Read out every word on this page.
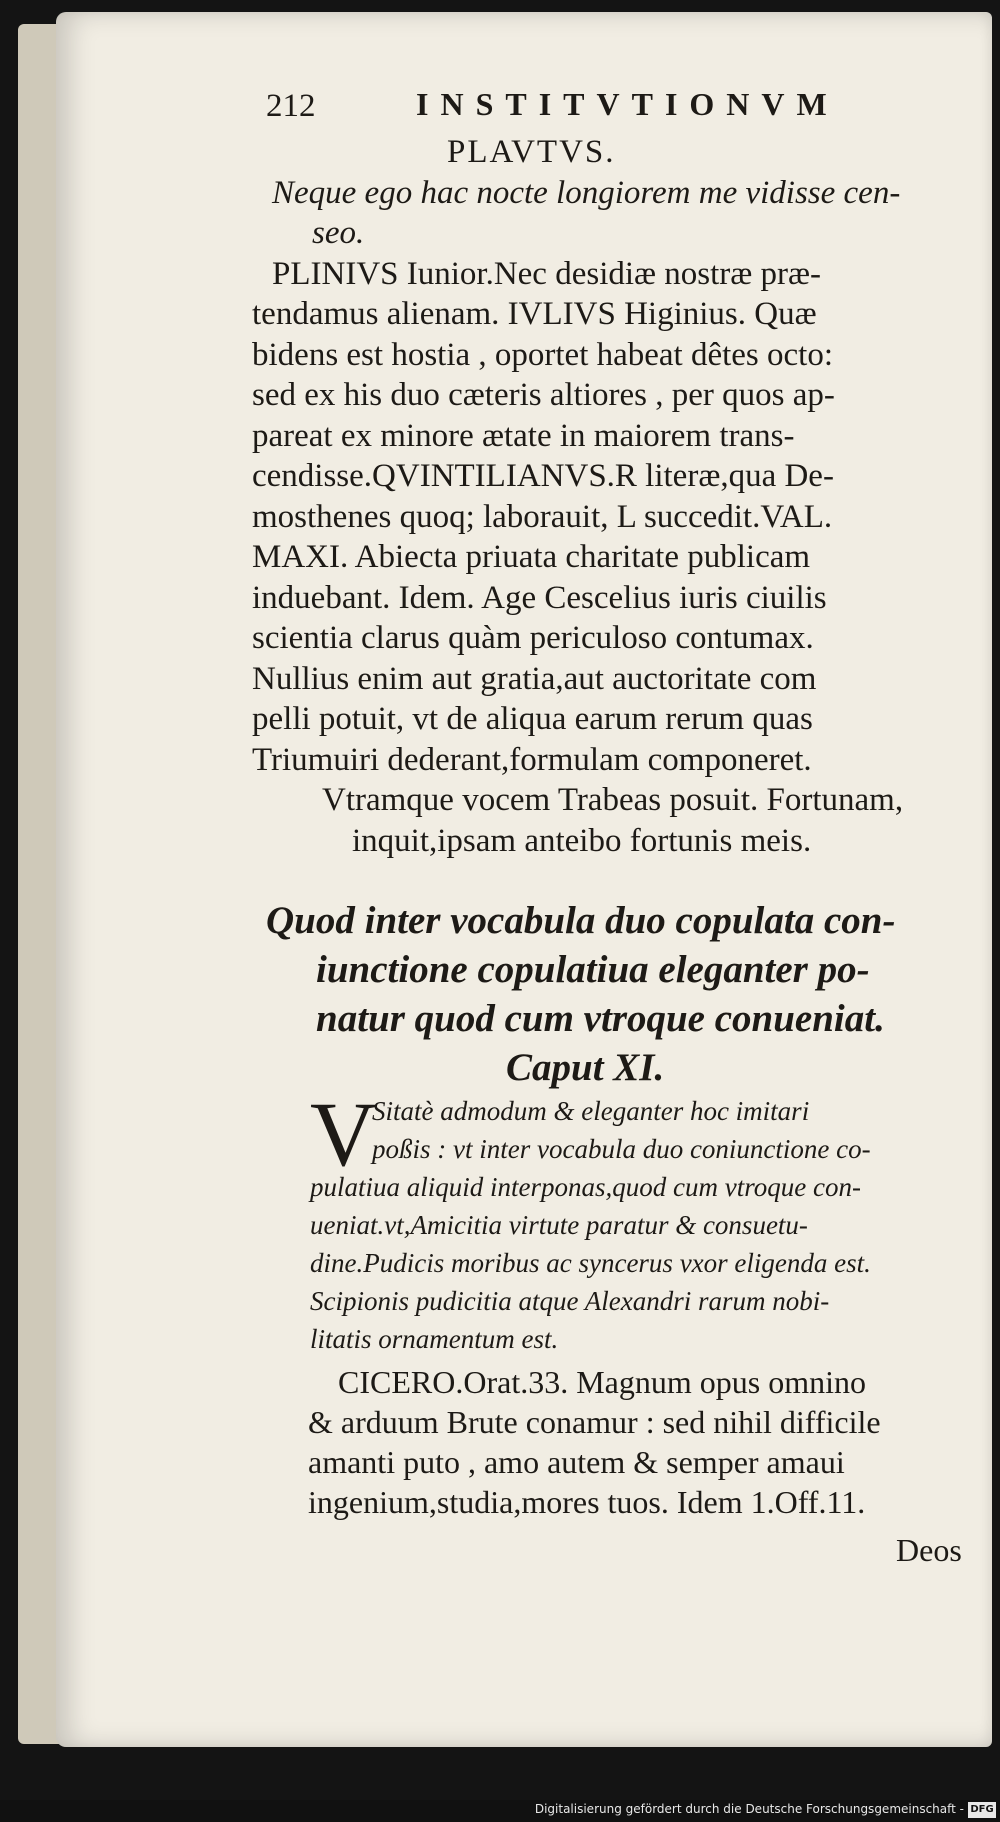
212	INSTITVTIONVM
PLAVTVS.
Neque ego hac nocte longiorem me vidisse cen-
seo.
PLINIVS Iunior.Nec desidiæ nostræ præ-
tendamus alienam. IVLIVS Higinius. Quæ
bidens est hostia , oportet habeat dêtes octo:
sed ex his duo cæteris altiores , per quos ap-
pareat ex minore ætate in maiorem trans-
cendisse.QVINTILIANVS.R literæ,qua De-
mosthenes quoq; laborauit, L succedit.VAL.
MAXI. Abiecta priuata charitate publicam
induebant. Idem. Age Cescelius iuris ciuilis
scientia clarus quàm periculoso contumax.
Nullius enim aut gratia,aut auctoritate com
pelli potuit, vt de aliqua earum rerum quas
Triumuiri dederant,formulam componeret.
Vtramque vocem Trabeas posuit. Fortunam,
inquit,ipsam anteibo fortunis meis.
Quod inter vocabula duo copulata con-
iunctione copulatiua eleganter po-
natur quod cum vtroque conueniat.
Caput XI.
V
Sitatè admodum & eleganter hoc imitari
poßis : vt inter vocabula duo coniunctione co-
pulatiua aliquid interponas,quod cum vtroque con-
ueniat.vt,Amicitia virtute paratur & consuetu-
dine.Pudicis moribus ac syncerus vxor eligenda est.
Scipionis pudicitia atque Alexandri rarum nobi-
litatis ornamentum est.
CICERO.Orat.33. Magnum opus omnino
& arduum Brute conamur : sed nihil difficile
amanti puto , amo autem & semper amaui
ingenium,studia,mores tuos. Idem 1.Off.11.
Deos
Digitalisierung gefördert durch die Deutsche Forschungsgemeinschaft - DFG
